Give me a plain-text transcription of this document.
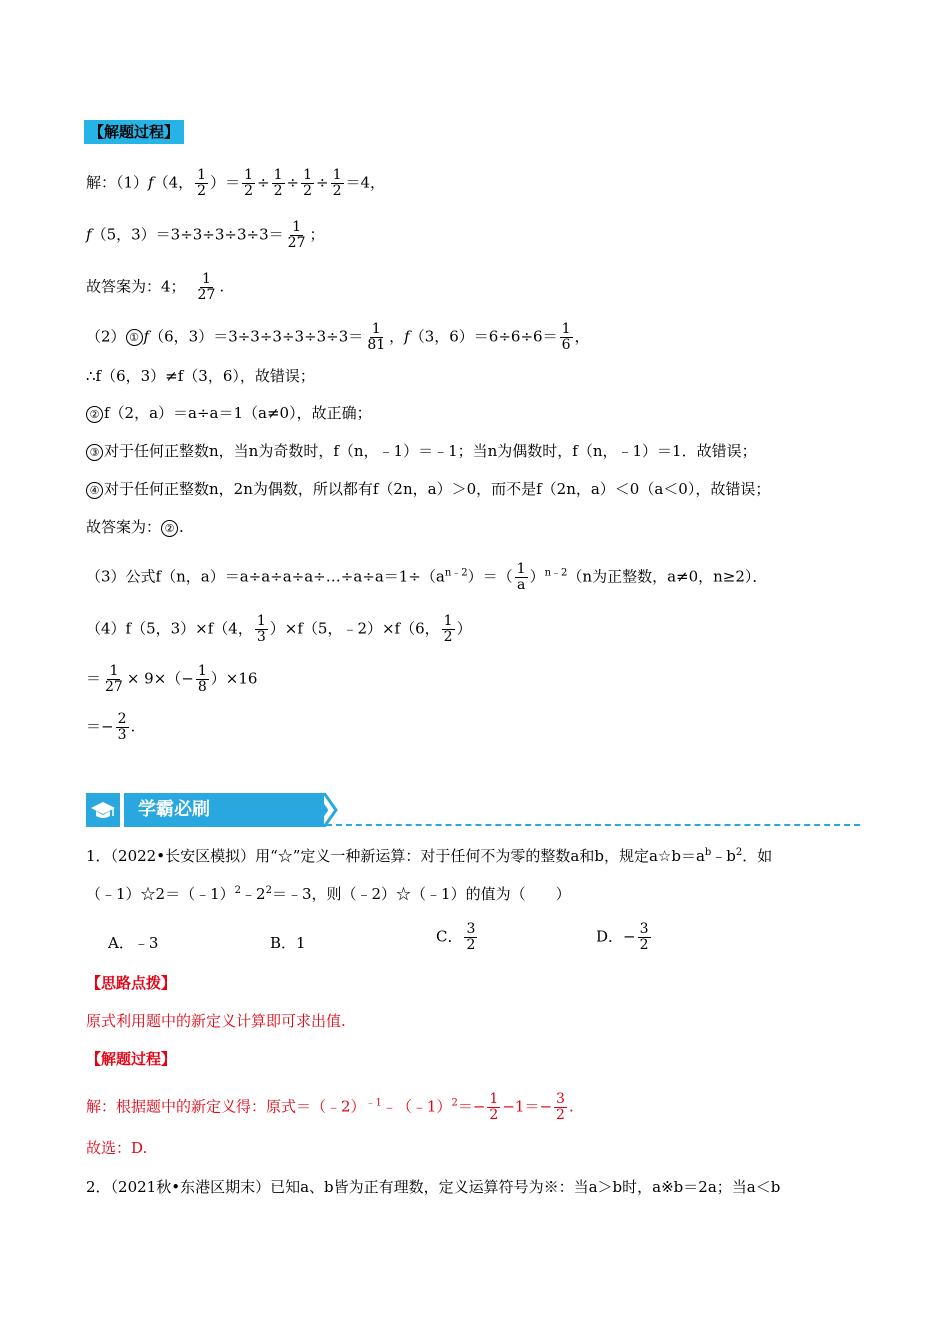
【解题过程】
解：（1）f（4， $\frac{1}{2}$ ）＝ $\frac{1}{2} \div \frac{1}{2} \div \frac{1}{2} \div \frac{1}{2} =4$，
f（5，$3)=3\div 3\div 3\div 3\div 3= \frac{1}{27}$ ；
故答案为：4； $\frac{1}{27}$ .
（2） ① f（6，$3)=3\div 3\div 3\div 3\div 3\div 3= \frac{1}{81}$ ，f（3，$6)=6\div 6\div 6= \frac{1}{6}$ ，
∴f（6，3）≠f（3，6），故错误；
② f（2，a）＝a÷a＝1（a≠0），故正确；
③ 对于任何正整数n，当n为奇数时，f（n，﹣1）＝﹣1；当n为偶数时，f（n，﹣1）＝1．故错误；
④ 对于任何正整数n，2n为偶数，所以都有f（2n，a）＞0，而不是f（2n，a）＜0（a＜0），故错误；
故答案为： ② .
（3）公式f（n，$a)=a\div a\div a\div a\div\dots\div a\div a=1\div(a^{n﹣2})=( \frac{1}{a} )^{n﹣2}(n$为正整数，a≠0，n≥2）．
（4）f（5，3）×f（4， $\frac{1}{3} )\times f(5$，﹣2）×f（6， $\frac{1}{2}$ ）
＝ $\frac{1}{27} \times 9\times(- \frac{1}{8} )\times 16$
＝− $\frac{2}{3}$ .
学霸必刷
1．（2022•长安区模拟）用“☆”定义一种新运算：对于任何不为零的整数a和b，规定$a☆b=a^b﹣b^2$．如
$(﹣1)☆2=(﹣1)^2﹣2^2=﹣3$，则（﹣2）☆（﹣1）的值为（　　）
A．﹣3	B．1	C． $\frac{3}{2}$	D．− $\frac{3}{2}$
【思路点拨】
原式利用题中的新定义计算即可求出值.
【解题过程】
解：根据题中的新定义得：原式＝（﹣2）$^{﹣1}$﹣（﹣1）$^2$＝− $\frac{1}{2} -1=- \frac{3}{2}$ .
故选：D.
2．（2021秋•东港区期末）已知a、b皆为正有理数，定义运算符号为※：当a＞b时，a※b＝2a；当a＜b
